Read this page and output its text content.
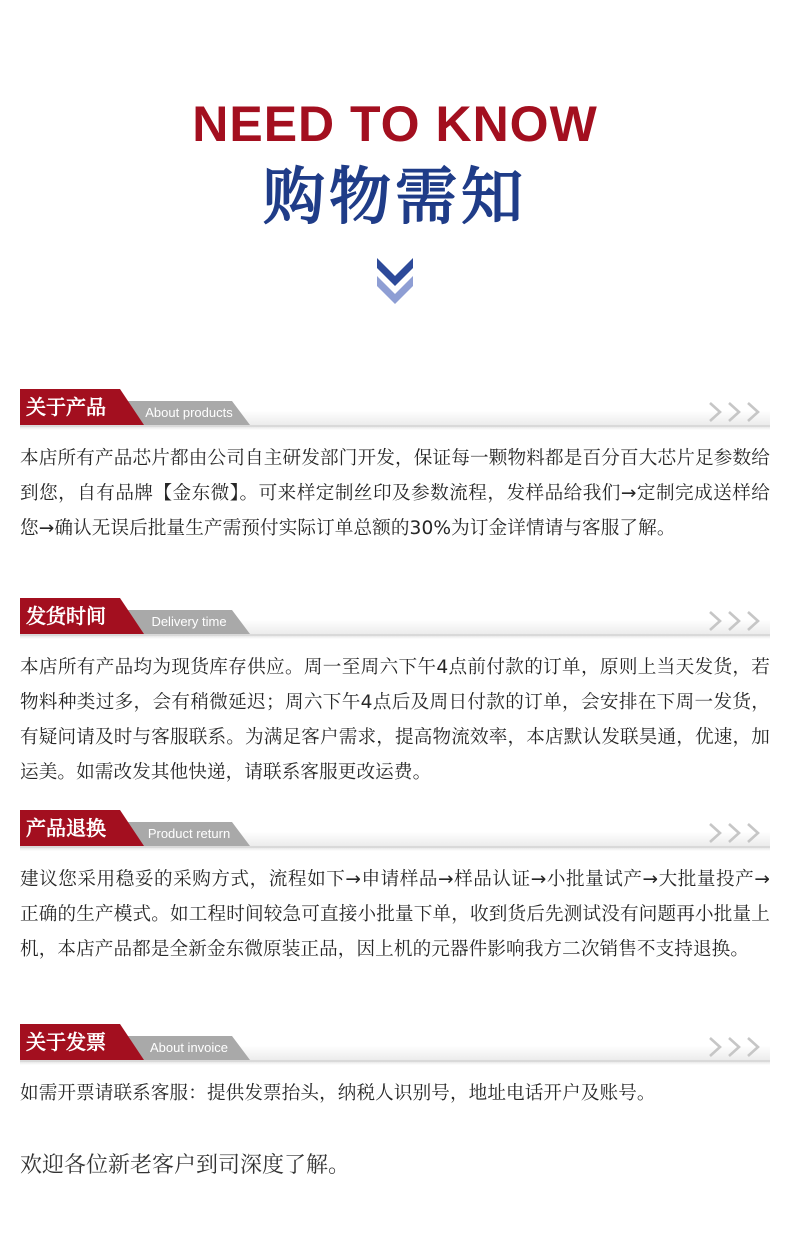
NEED TO KNOW
购物需知
关于产品	About products
本店所有产品芯片都由公司自主研发部门开发，保证每一颗物料都是百分百大芯片足参数给到您，自有品牌【金东微】。可来样定制丝印及参数流程，发样品给我们→定制完成送样给您→确认无误后批量生产需预付实际订单总额的30%为订金详情请与客服了解。
发货时间	Delivery time
本店所有产品均为现货库存供应。周一至周六下午4点前付款的订单，原则上当天发货，若物料种类过多，会有稍微延迟；周六下午4点后及周日付款的订单，会安排在下周一发货，有疑问请及时与客服联系。为满足客户需求，提高物流效率，本店默认发联昊通，优速，加运美。如需改发其他快递，请联系客服更改运费。
产品退换	Product return
建议您采用稳妥的采购方式，流程如下→申请样品→样品认证→小批量试产→大批量投产→正确的生产模式。如工程时间较急可直接小批量下单，收到货后先测试没有问题再小批量上机，本店产品都是全新金东微原装正品，因上机的元器件影响我方二次销售不支持退换。
关于发票	About invoice
如需开票请联系客服：提供发票抬头，纳税人识别号，地址电话开户及账号。
欢迎各位新老客户到司深度了解。
